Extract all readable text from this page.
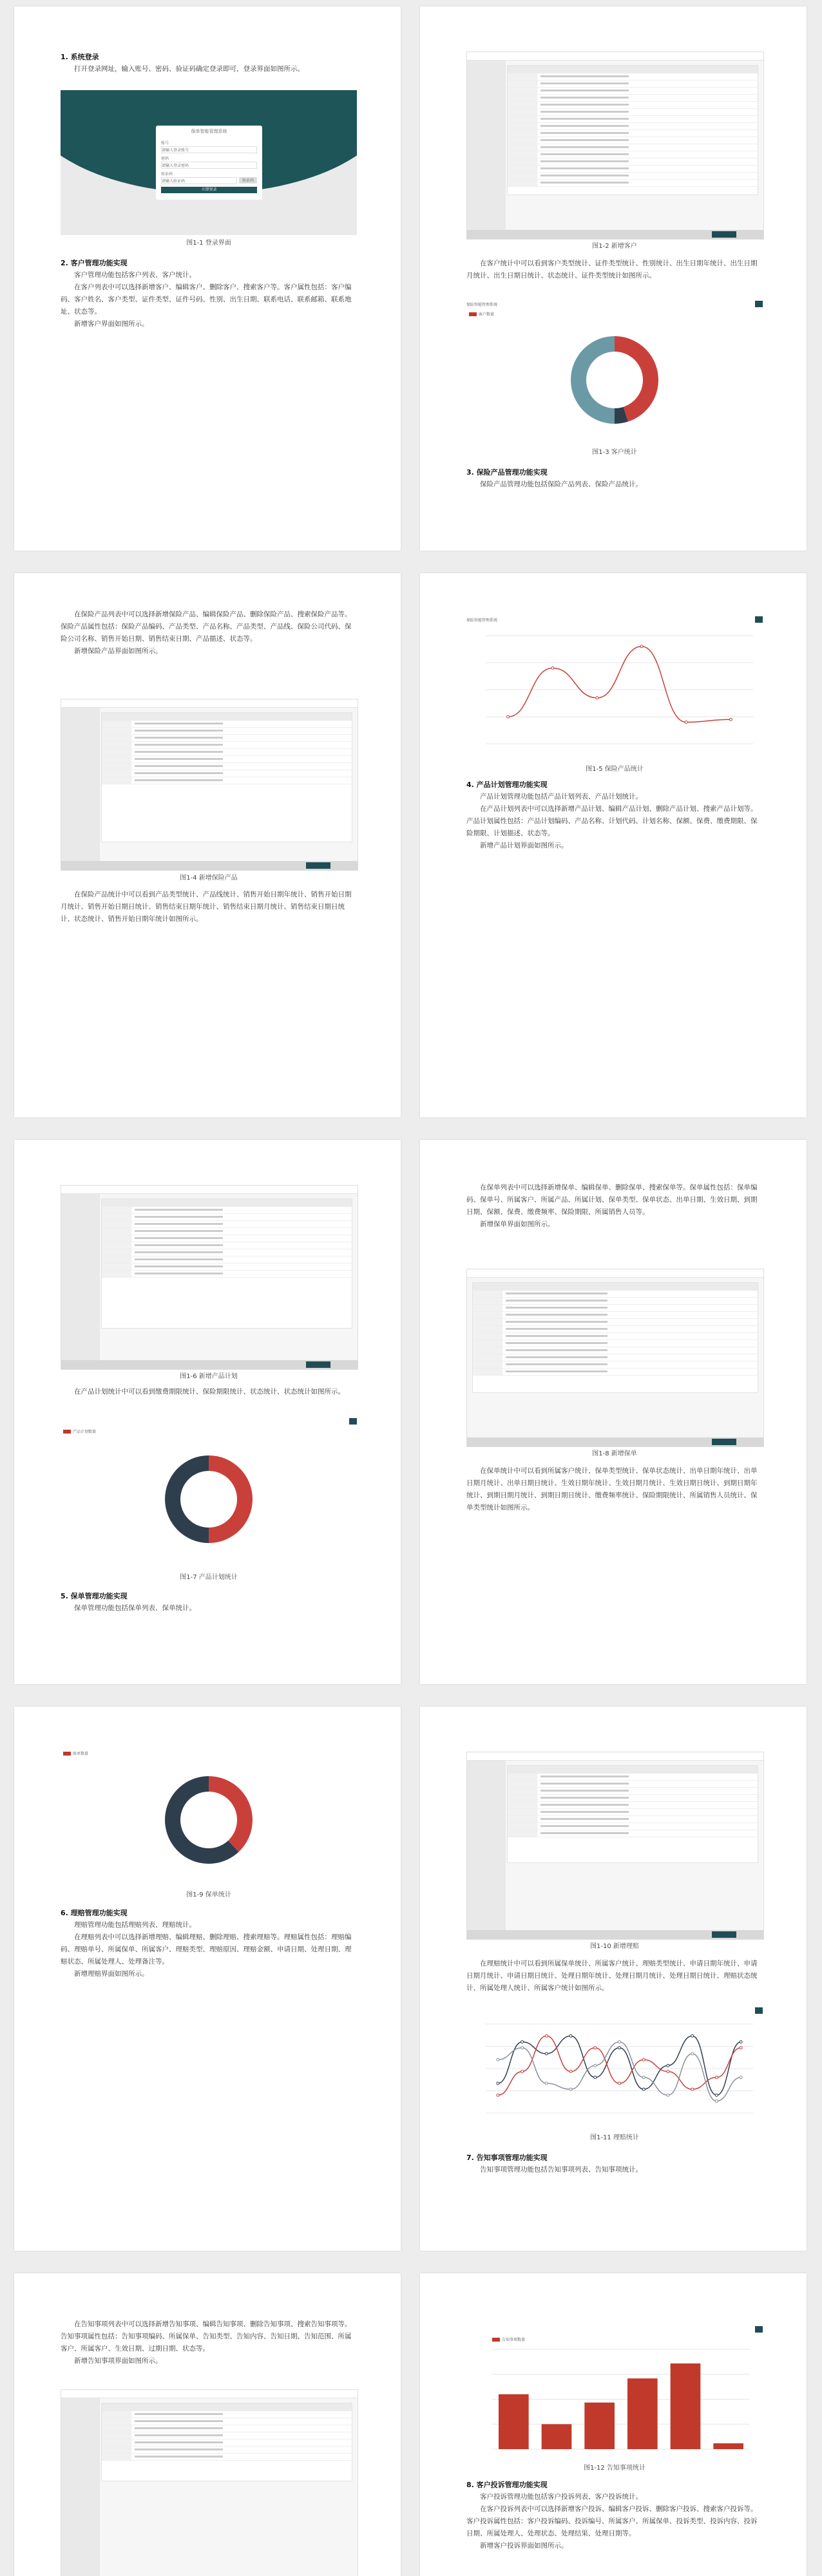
1. 系统登录

打开登录网址，输入账号、密码、验证码确定登录即可，登录界面如图所示。

保单智能管理系统
账号
请输入登录账号
密码
请输入登录密码
验证码
请输入验证码	验证码
立即登录
图1-1 登录界面

2. 客户管理功能实现

客户管理功能包括客户列表、客户统计。

在客户列表中可以选择新增客户、编辑客户、删除客户、搜索客户等。客户属性包括：客户编码、客户姓名、客户类型、证件类型、证件号码、性别、出生日期、联系电话、联系邮箱、联系地址、状态等。

新增客户界面如图所示。

图1-2 新增客户

在客户统计中可以看到客户类型统计、证件类型统计、性别统计、出生日期年统计、出生日期月统计、出生日期日统计、状态统计、证件类型统计如图所示。

保险智能管理系统
客户数量
图1-3 客户统计

3. 保险产品管理功能实现

保险产品管理功能包括保险产品列表、保险产品统计。

在保险产品列表中可以选择新增保险产品、编辑保险产品、删除保险产品、搜索保险产品等。保险产品属性包括：保险产品编码、产品类型、产品名称、产品类型、产品线、保险公司代码、保险公司名称、销售开始日期、销售结束日期、产品描述、状态等。

新增保险产品界面如图所示。

图1-4 新增保险产品

在保险产品统计中可以看到产品类型统计、产品线统计、销售开始日期年统计、销售开始日期月统计、销售开始日期日统计、销售结束日期年统计、销售结束日期月统计、销售结束日期日统计、状态统计、销售开始日期年统计如图所示。

保险智能管理系统
图1-5 保险产品统计

4. 产品计划管理功能实现

产品计划管理功能包括产品计划列表、产品计划统计。

在产品计划列表中可以选择新增产品计划、编辑产品计划、删除产品计划、搜索产品计划等。产品计划属性包括：产品计划编码、产品名称、计划代码、计划名称、保额、保费、缴费期限、保险期限、计划描述、状态等。

新增产品计划界面如图所示。

图1-6 新增产品计划

在产品计划统计中可以看到缴费期限统计、保险期限统计、状态统计、状态统计如图所示。

产品计划数量
图1-7 产品计划统计

5. 保单管理功能实现

保单管理功能包括保单列表、保单统计。

在保单列表中可以选择新增保单、编辑保单、删除保单、搜索保单等。保单属性包括：保单编码、保单号、所属客户、所属产品、所属计划、保单类型、保单状态、出单日期、生效日期、到期日期、保额、保费、缴费频率、保险期限、所属销售人员等。

新增保单界面如图所示。

图1-8 新增保单

在保单统计中可以看到所属客户统计、保单类型统计、保单状态统计、出单日期年统计、出单日期月统计、出单日期日统计、生效日期年统计、生效日期月统计、生效日期日统计、到期日期年统计、到期日期月统计、到期日期日统计、缴费频率统计、保险期限统计、所属销售人员统计、保单类型统计如图所示。

保单数量
图1-9 保单统计

6. 理赔管理功能实现

理赔管理功能包括理赔列表、理赔统计。

在理赔列表中可以选择新增理赔、编辑理赔、删除理赔、搜索理赔等。理赔属性包括：理赔编码、理赔单号、所属保单、所属客户、理赔类型、理赔原因、理赔金额、申请日期、处理日期、理赔状态、所属处理人、处理备注等。

新增理赔界面如图所示。

图1-10 新增理赔

在理赔统计中可以看到所属保单统计、所属客户统计、理赔类型统计、申请日期年统计、申请日期月统计、申请日期日统计、处理日期年统计、处理日期月统计、处理日期日统计、理赔状态统计、所属处理人统计、所属客户统计如图所示。

图1-11 理赔统计

7. 告知事项管理功能实现

告知事项管理功能包括告知事项列表、告知事项统计。

在告知事项列表中可以选择新增告知事项、编辑告知事项、删除告知事项、搜索告知事项等。告知事项属性包括：告知事项编码、所属保单、告知类型、告知内容、告知日期、告知范围、所属客户、所属客户、生效日期、过期日期、状态等。

新增告知事项界面如图所示。

告知事项数量
图1-12 告知事项统计

8. 客户投诉管理功能实现

客户投诉管理功能包括客户投诉列表、客户投诉统计。

在客户投诉列表中可以选择新增客户投诉、编辑客户投诉、删除客户投诉、搜索客户投诉等。客户投诉属性包括：客户投诉编码、投诉编号、所属客户、所属保单、投诉类型、投诉内容、投诉日期、所属处理人、处理状态、处理结果、处理日期等。

新增客户投诉界面如图所示。
